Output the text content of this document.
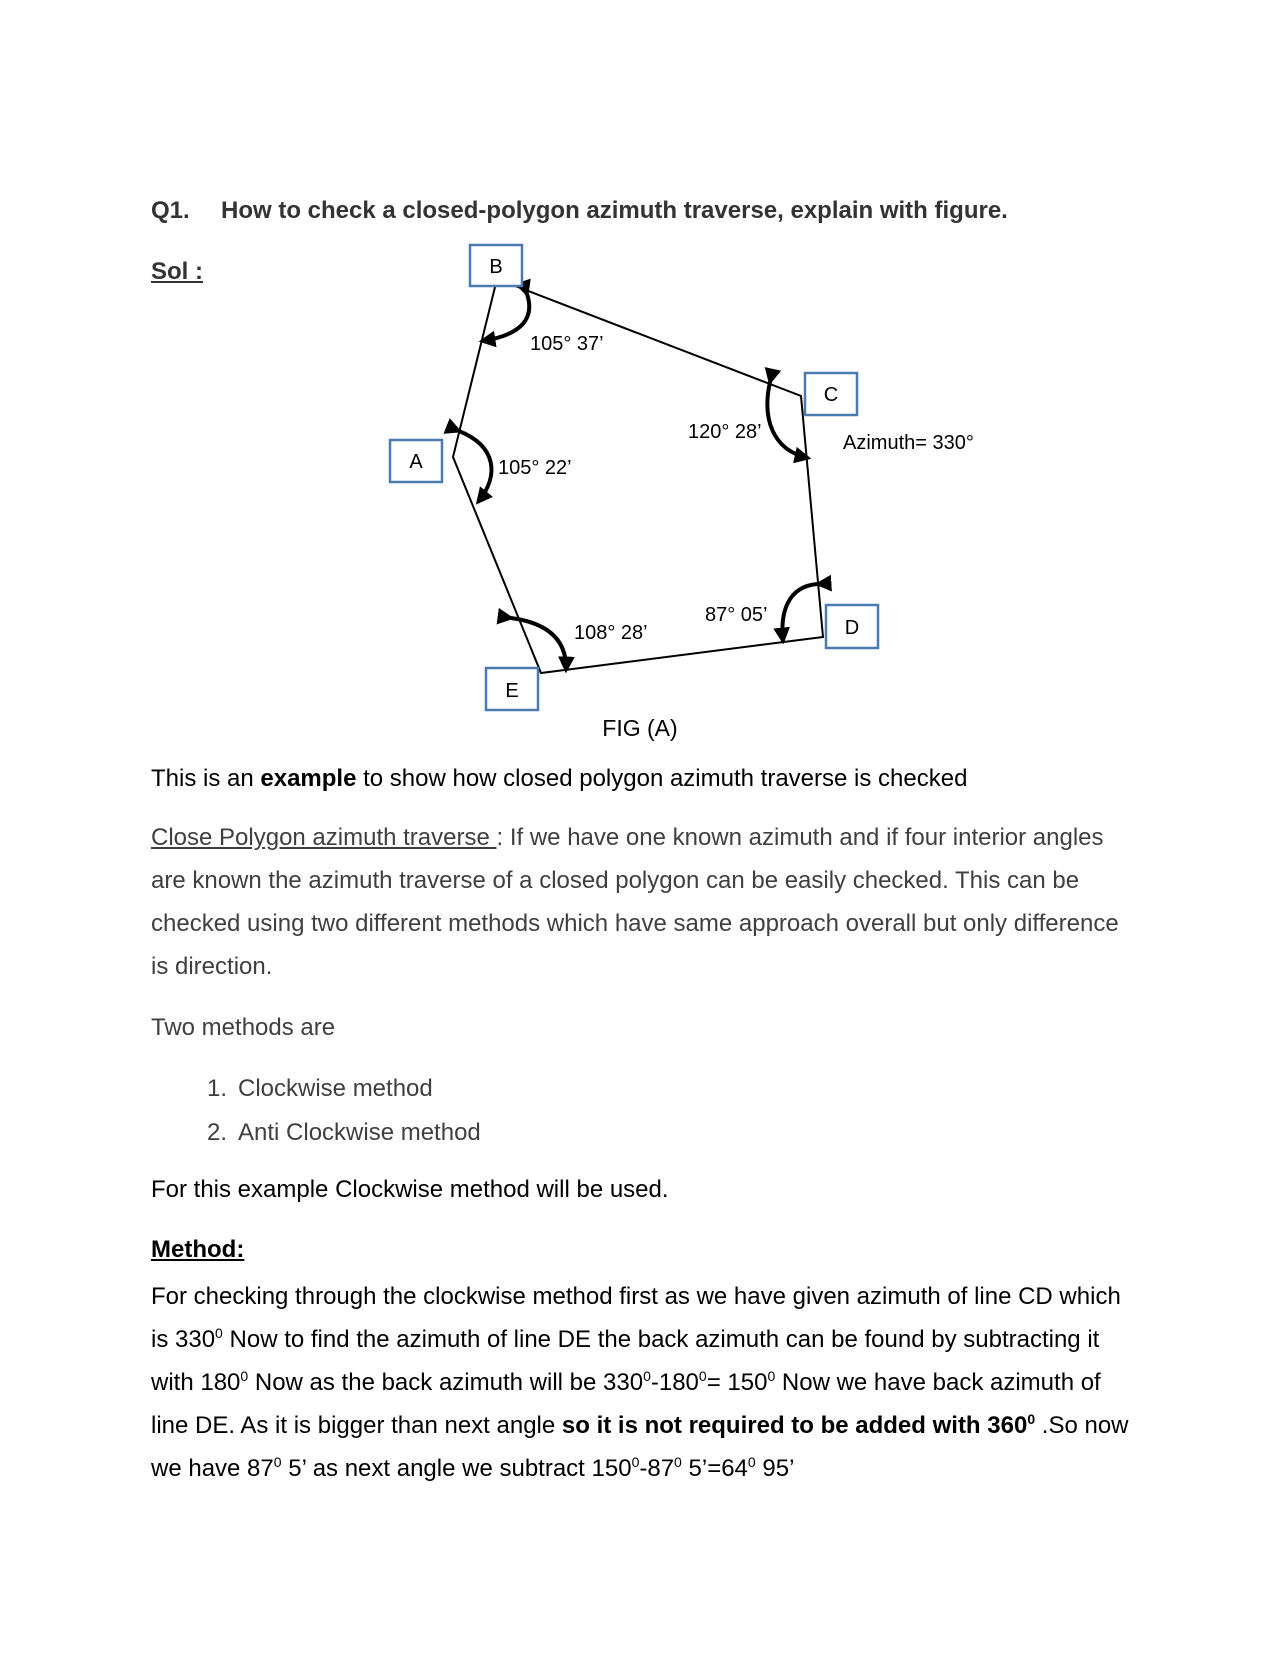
Q1. How to check a closed-polygon azimuth traverse, explain with figure.
Sol :	B
A
C
D
E
105° 37’
105° 22’
120° 28’
87° 05’
108° 28’
Azimuth= 330°
FIG (A)
This is an example to show how closed polygon azimuth traverse is checked
Close Polygon azimuth traverse : If we have one known azimuth and if four interior angles are known the azimuth traverse of a closed polygon can be easily checked. This can be checked using two different methods which have same approach overall but only difference is direction.
Two methods are
1. Clockwise method
2. Anti Clockwise method
For this example Clockwise method will be used.
Method:
For checking through the clockwise method first as we have given azimuth of line CD which is $330^0$ Now to find the azimuth of line DE the back azimuth can be found by subtracting it with $180^0$ Now as the back azimuth will be $330^0-180^0= 150^0$ Now we have back azimuth of line DE. As it is bigger than next angle so it is not required to be added with $360^0$ .So now we have $87^0$ 5’ as next angle we subtract $150^0-87^0$ $5’=64^0$ 95’
